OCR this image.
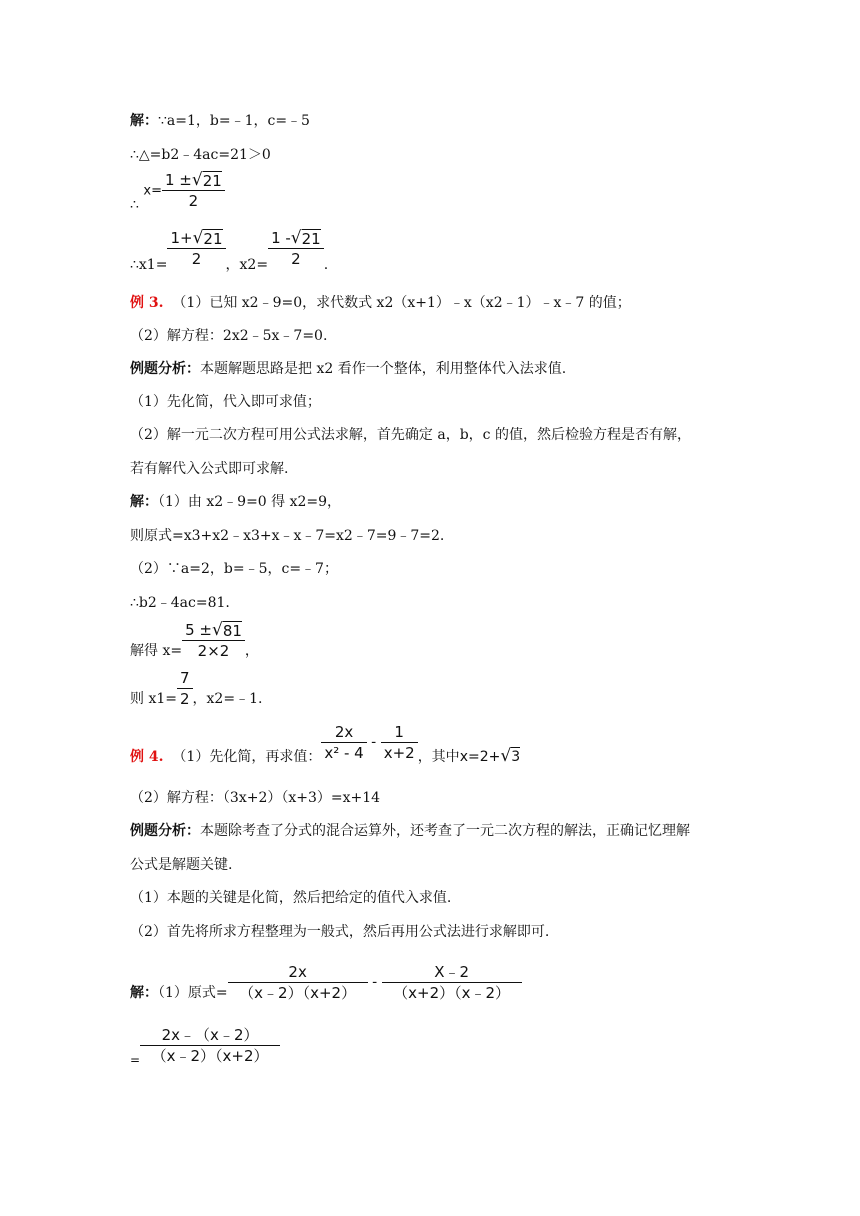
解：∵a=1，b=﹣1，c=﹣5
∴△=b2﹣4ac=21＞0
∴ $x= \frac{1 \pm √ 21}{2}$
∴x1= $\frac{1+ √ 21}{2}$ ，$x2= \frac{1 - √ 21}{2}$ .
例 3. （1）已知 x2﹣9=0，求代数式 x2（x+1）﹣x（x2﹣1）﹣x﹣7 的值；
（2）解方程：2x2﹣5x﹣7=0.
例题分析：本题解题思路是把 x2 看作一个整体，利用整体代入法求值.
（1）先化简，代入即可求值；
（2）解一元二次方程可用公式法求解，首先确定 a，b，c 的值，然后检验方程是否有解，
若有解代入公式即可求解.
解：（1）由 x2﹣9=0 得 x2=9，
则原式=x3+x2﹣x3+x﹣x﹣7=x2﹣7=9﹣7=2.
（2）∵a=2，b=﹣5，c=﹣7；
∴b2﹣4ac=81.
解得 $x= \frac{5 \pm √ 81}{2\times 2}$ ，
则 $x1= \frac{7}{2}$ ，x2=﹣1.
例 4. （1）先化简，再求值： $\frac{2x}{\text{x² - 4}} - \frac{1}{x+2}$ ，其中x=2+ √ 3
（2）解方程：（3x+2）（x+3）=x+14
例题分析：本题除考查了分式的混合运算外，还考查了一元二次方程的解法，正确记忆理解
公式是解题关键.
（1）本题的关键是化简，然后把给定的值代入求值.
（2）首先将所求方程整理为一般式，然后再用公式法进行求解即可.
解：（1）原式= $\frac{2x}{(x﹣2)(x+2)} - \frac{X﹣2}{(x+2)(x﹣2)}$
= $\frac{2x﹣(x﹣2)}{(x﹣2)(x+2)}$
